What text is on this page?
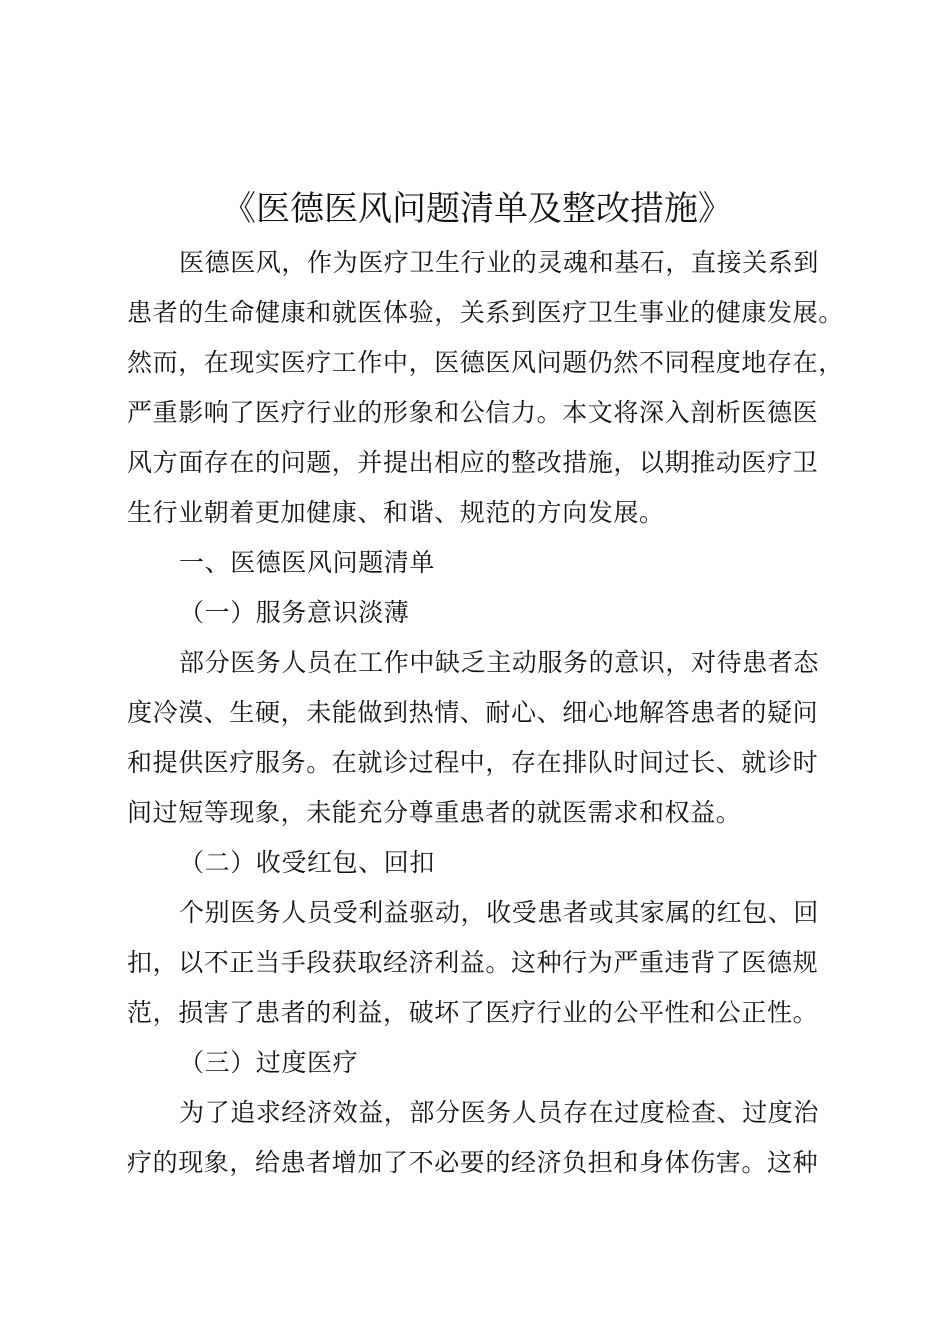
《医德医风问题清单及整改措施》
医德医风，作为医疗卫生行业的灵魂和基石，直接关系到
患者的生命健康和就医体验，关系到医疗卫生事业的健康发展。
然而，在现实医疗工作中，医德医风问题仍然不同程度地存在，
严重影响了医疗行业的形象和公信力。本文将深入剖析医德医
风方面存在的问题，并提出相应的整改措施，以期推动医疗卫
生行业朝着更加健康、和谐、规范的方向发展。
一、医德医风问题清单
（一）服务意识淡薄
部分医务人员在工作中缺乏主动服务的意识，对待患者态
度冷漠、生硬，未能做到热情、耐心、细心地解答患者的疑问
和提供医疗服务。在就诊过程中，存在排队时间过长、就诊时
间过短等现象，未能充分尊重患者的就医需求和权益。
（二）收受红包、回扣
个别医务人员受利益驱动，收受患者或其家属的红包、回
扣，以不正当手段获取经济利益。这种行为严重违背了医德规
范，损害了患者的利益，破坏了医疗行业的公平性和公正性。
（三）过度医疗
为了追求经济效益，部分医务人员存在过度检查、过度治
疗的现象，给患者增加了不必要的经济负担和身体伤害。这种
